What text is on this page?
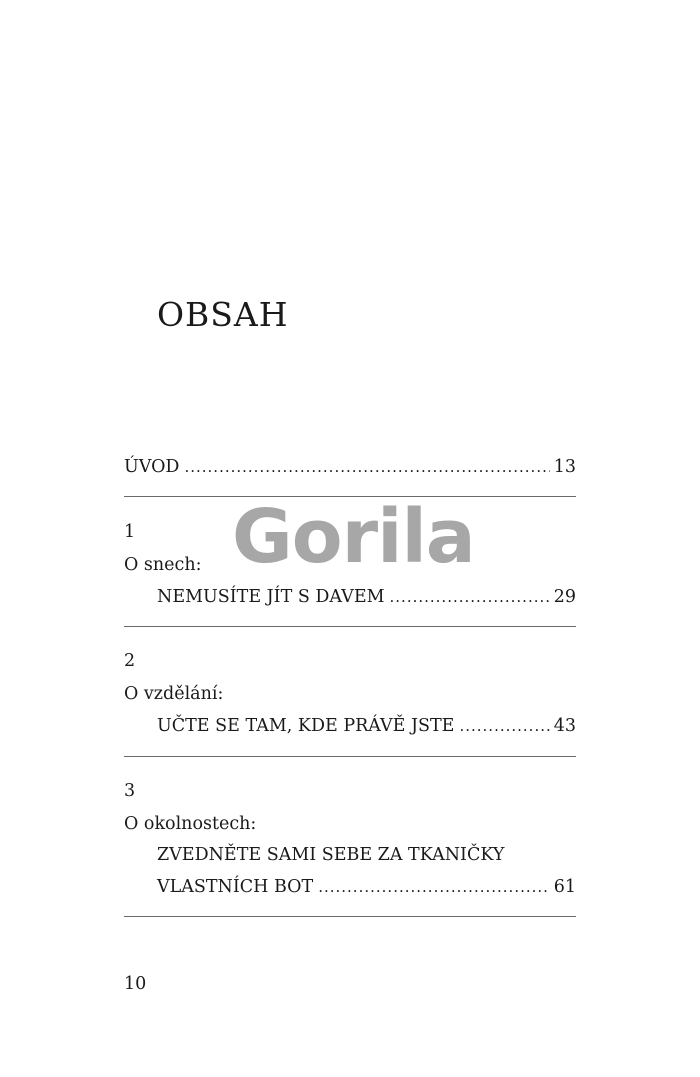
OBSAH
ÚVOD .....	13
1
O snech:
NEMUSÍTE JÍT S DAVEM .....	29
2
O vzdělání:
UČTE SE TAM, KDE PRÁVĚ JSTE .....	43
3
O okolnostech:
ZVEDNĚTE SAMI SEBE ZA TKANIČKY
VLASTNÍCH BOT .....	61
Gorila
10
